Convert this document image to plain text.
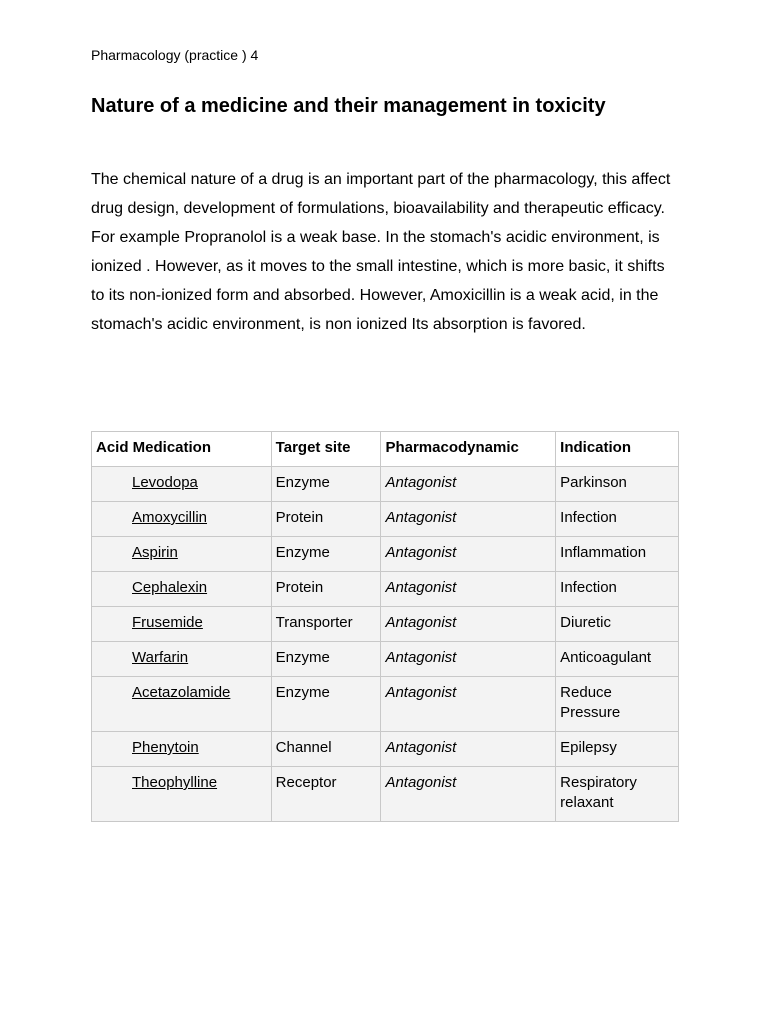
Pharmacology (practice ) 4
Nature of a medicine and their management in toxicity

The chemical nature of a drug is an important part of the pharmacology, this affect drug design, development of formulations, bioavailability and therapeutic efficacy.

For example Propranolol is a weak base. In the stomach's acidic environment, is ionized . However, as it moves to the small intestine, which is more basic, it shifts to its non-ionized form and absorbed. However, Amoxicillin is a weak acid, in the stomach's acidic environment, is non ionized Its absorption is favored.

Acid Medication	Target site	Pharmacodynamic	Indication
Levodopa	Enzyme	Antagonist	Parkinson
Amoxycillin	Protein	Antagonist	Infection
Aspirin	Enzyme	Antagonist	Inflammation
Cephalexin	Protein	Antagonist	Infection
Frusemide	Transporter	Antagonist	Diuretic
Warfarin	Enzyme	Antagonist	Anticoagulant
Acetazolamide	Enzyme	Antagonist	Reduce
Pressure
Phenytoin	Channel	Antagonist	Epilepsy
Theophylline	Receptor	Antagonist	Respiratory
relaxant
